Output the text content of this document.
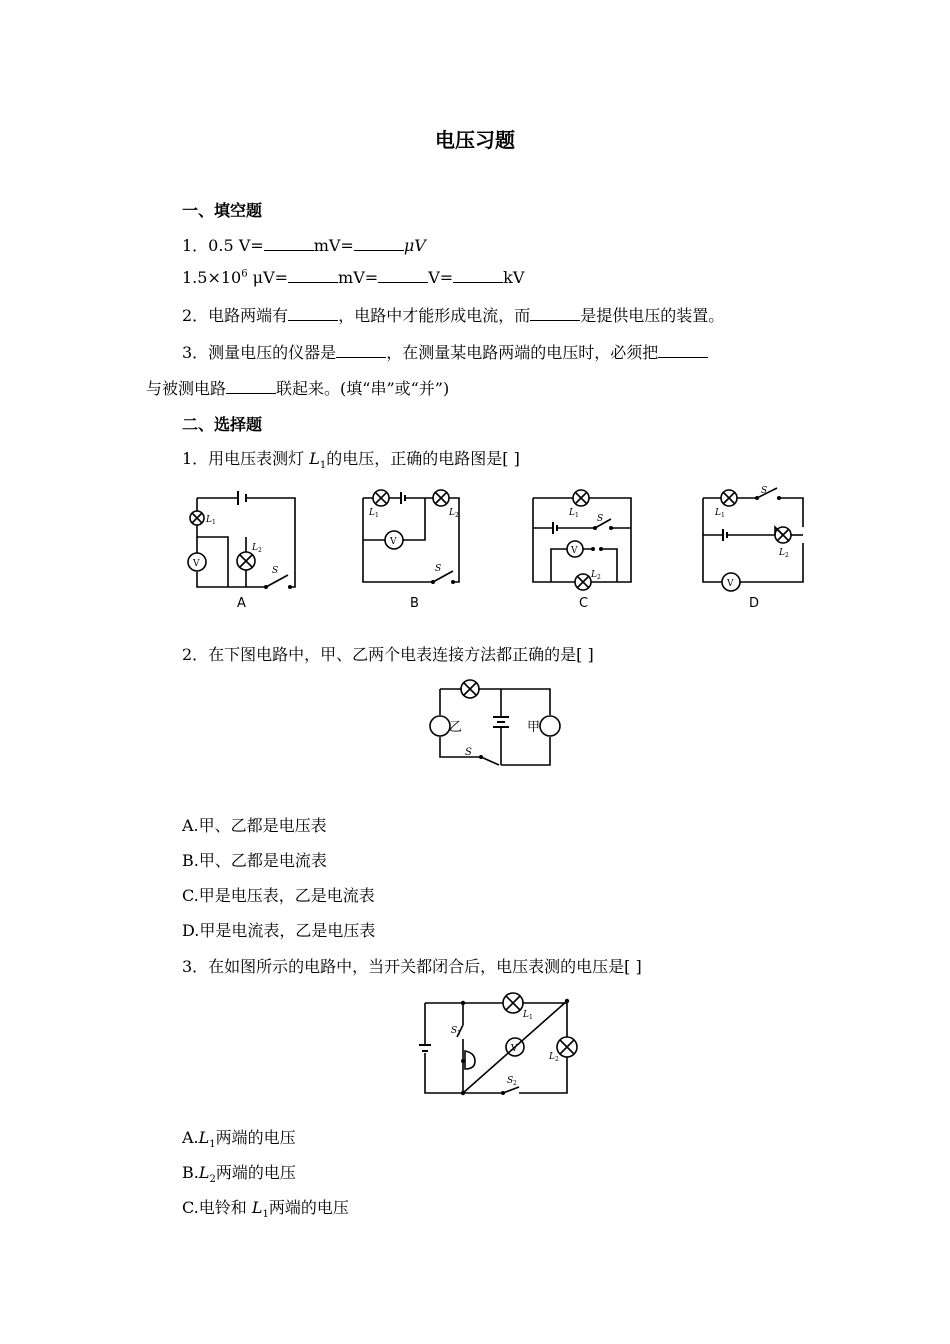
电压习题
一、填空题
1．0.5 V=	mV=	μV
$1.5\times 10^6$ μV=	mV=	V=	kV
2．电路两端有	，电路中才能形成电流，而	是提供电压的装置。
3．测量电压的仪器是	，在测量某电路两端的电压时，必须把
与被测电路	联起来。(填“串”或“并”)
二、选择题
1．用电压表测灯 $L_1$的电压，正确的电路图是[ ]
V
L 1
L 2
S
A
V
L 1	L 2
S
B
V
L 1
L 2
S
C
V
L 1
L 2
S
D
2．在下图电路中，甲、乙两个电表连接方法都正确的是[ ]
乙	甲
S
A.甲、乙都是电压表
B.甲、乙都是电流表
C.甲是电压表，乙是电流表
D.甲是电流表，乙是电压表
3．在如图所示的电路中，当开关都闭合后，电压表测的电压是[ ]
V
L 1
L 2
S 1
S 2
$A.L_1$两端的电压
$B.L_2$两端的电压
C.电铃和 $L_1$两端的电压
